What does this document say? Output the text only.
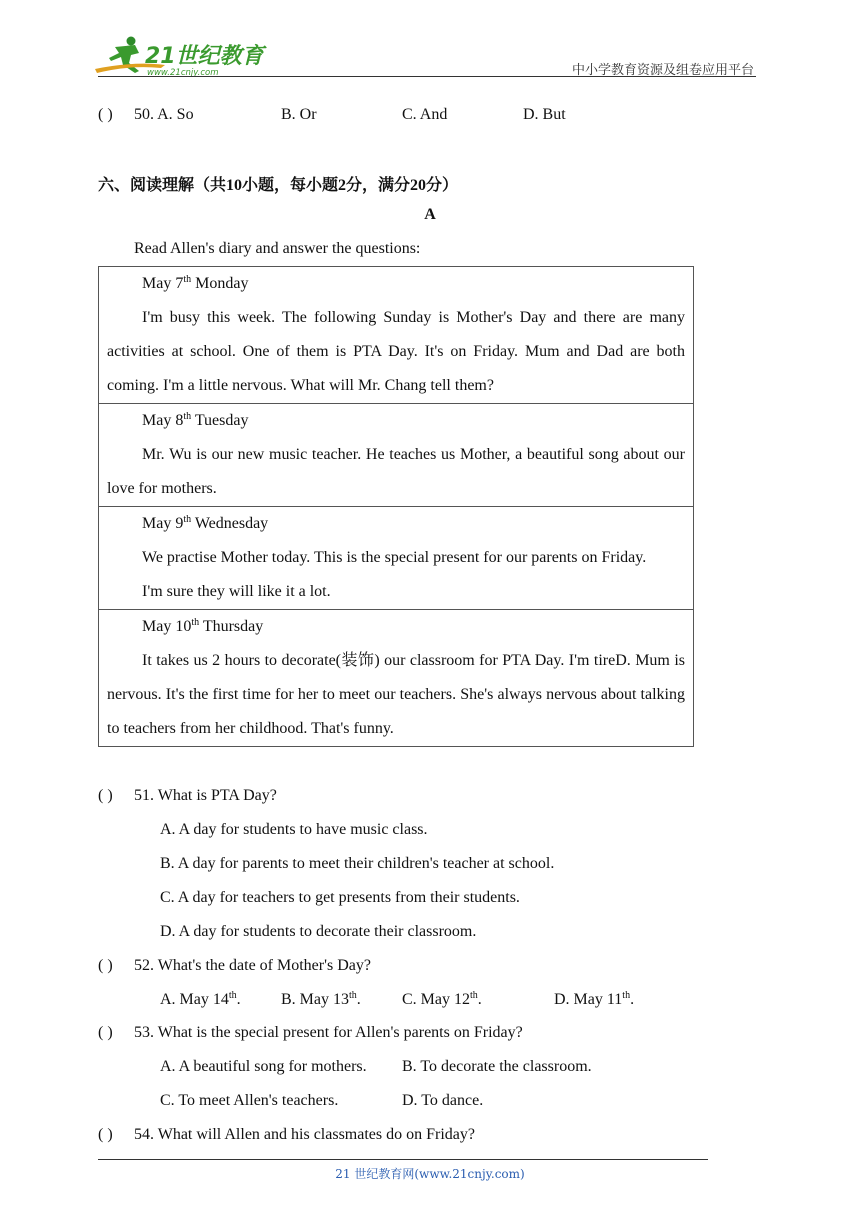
21世纪教育
www.21cnjy.com	中小学教育资源及组卷应用平台
( ) 50. A. So	B. Or	C. And	D. But
六、阅读理解（共10小题，每小题2分，满分20分）
A
Read Allen's diary and answer the questions:

May 7th Monday

I'm busy this week. The following Sunday is Mother's Day and there are many activities at school. One of them is PTA Day. It's on Friday. Mum and Dad are both coming. I'm a little nervous. What will Mr. Chang tell them?

May 8th Tuesday

Mr. Wu is our new music teacher. He teaches us Mother, a beautiful song about our love for mothers.

May 9th Wednesday

We practise Mother today. This is the special present for our parents on Friday.

I'm sure they will like it a lot.

May 10th Thursday

It takes us 2 hours to decorate(装饰) our classroom for PTA Day. I'm tireD. Mum is nervous. It's the first time for her to meet our teachers. She's always nervous about talking to teachers from her childhood. That's funny.

( ) 51. What is PTA Day?
A. A day for students to have music class.
B. A day for parents to meet their children's teacher at school.
C. A day for teachers to get presents from their students.
D. A day for students to decorate their classroom.
( ) 52. What's the date of Mother's Day?
A. May 14th.	B. May 13th.	C. May 12th.	D. May 11th.
( ) 53. What is the special present for Allen's parents on Friday?
A. A beautiful song for mothers. B. To decorate the classroom.
C. To meet Allen's teachers.	D. To dance.
( ) 54. What will Allen and his classmates do on Friday?
21 世纪教育网(www.21cnjy.com)
